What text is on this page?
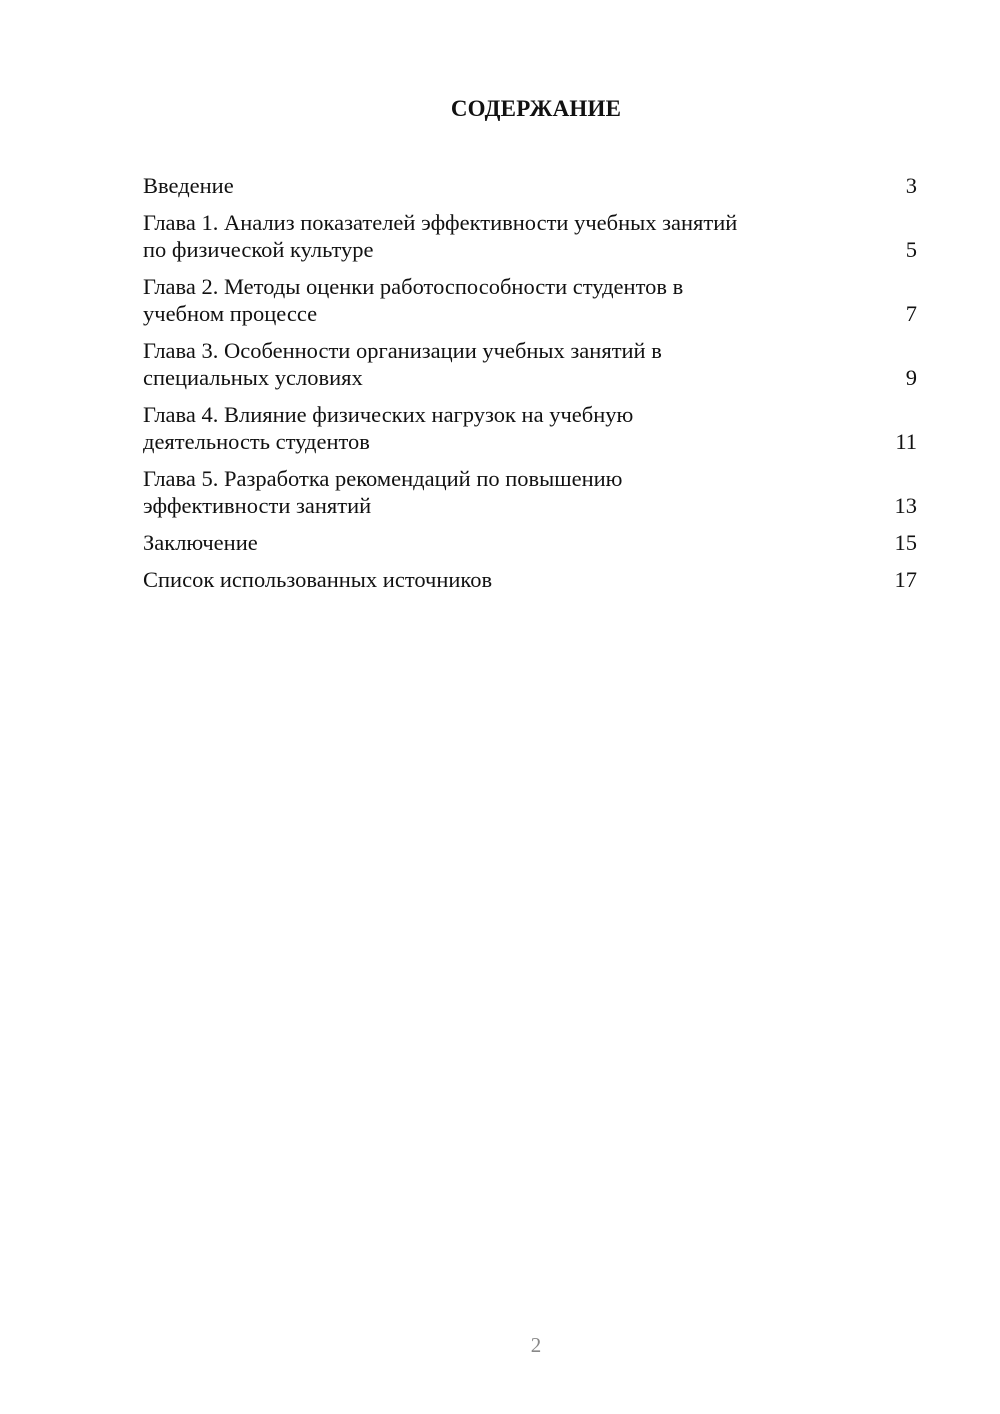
СОДЕРЖАНИЕ
Введение	3
Глава 1. Анализ показателей эффективности учебных занятий
по физической культуре	5
Глава 2. Методы оценки работоспособности студентов в
учебном процессе	7
Глава 3. Особенности организации учебных занятий в
специальных условиях	9
Глава 4. Влияние физических нагрузок на учебную
деятельность студентов	11
Глава 5. Разработка рекомендаций по повышению
эффективности занятий	13
Заключение	15
Список использованных источников	17
2
